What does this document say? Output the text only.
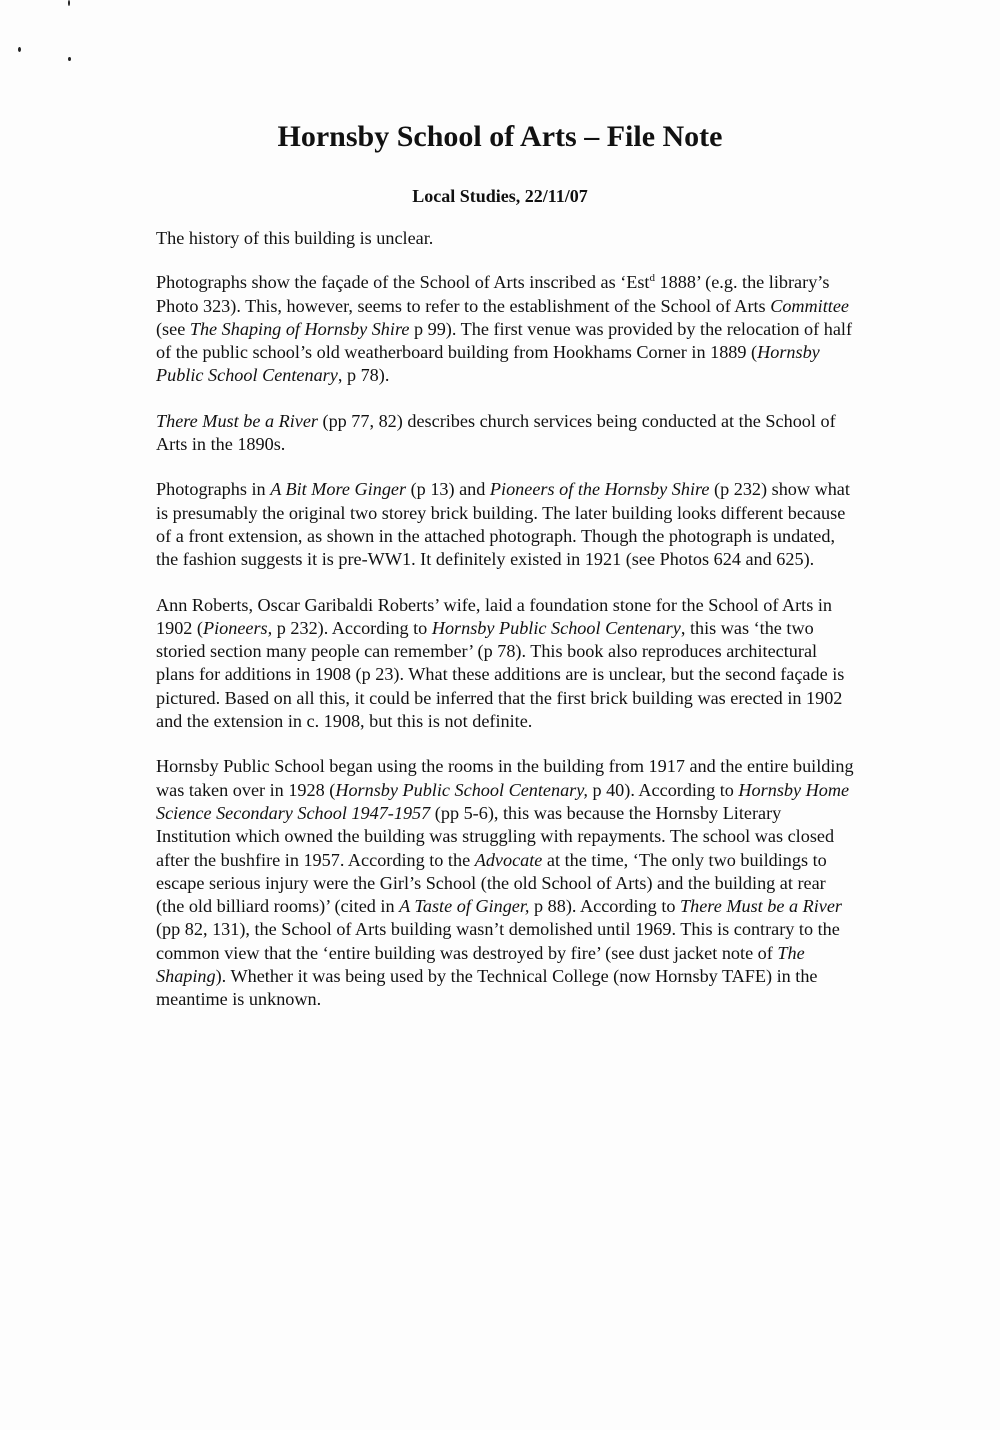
Hornsby School of Arts – File Note
Local Studies, 22/11/07

The history of this building is unclear.

Photographs show the façade of the School of Arts inscribed as ‘Est$^d$ 1888’ (e.g. the library’s Photo 323). This, however, seems to refer to the establishment of the School of Arts Committee (see The Shaping of Hornsby Shire p 99). The first venue was provided by the relocation of half of the public school’s old weatherboard building from Hookhams Corner in 1889 (Hornsby Public School Centenary, p 78).

There Must be a River (pp 77, 82) describes church services being conducted at the School of Arts in the 1890s.

Photographs in A Bit More Ginger (p 13) and Pioneers of the Hornsby Shire (p 232) show what is presumably the original two storey brick building. The later building looks different because of a front extension, as shown in the attached photograph. Though the photograph is undated, the fashion suggests it is pre-WW1. It definitely existed in 1921 (see Photos 624 and 625).

Ann Roberts, Oscar Garibaldi Roberts’ wife, laid a foundation stone for the School of Arts in 1902 (Pioneers, p 232). According to Hornsby Public School Centenary, this was ‘the two storied section many people can remember’ (p 78). This book also reproduces architectural plans for additions in 1908 (p 23). What these additions are is unclear, but the second façade is pictured. Based on all this, it could be inferred that the first brick building was erected in 1902 and the extension in c. 1908, but this is not definite.

Hornsby Public School began using the rooms in the building from 1917 and the entire building was taken over in 1928 (Hornsby Public School Centenary, p 40). According to Hornsby Home Science Secondary School 1947-1957 (pp 5-6), this was because the Hornsby Literary Institution which owned the building was struggling with repayments. The school was closed after the bushfire in 1957. According to the Advocate at the time, ‘The only two buildings to escape serious injury were the Girl’s School (the old School of Arts) and the building at rear (the old billiard rooms)’ (cited in A Taste of Ginger, p 88). According to There Must be a River (pp 82, 131), the School of Arts building wasn’t demolished until 1969. This is contrary to the common view that the ‘entire building was destroyed by fire’ (see dust jacket note of The Shaping). Whether it was being used by the Technical College (now Hornsby TAFE) in the meantime is unknown.
